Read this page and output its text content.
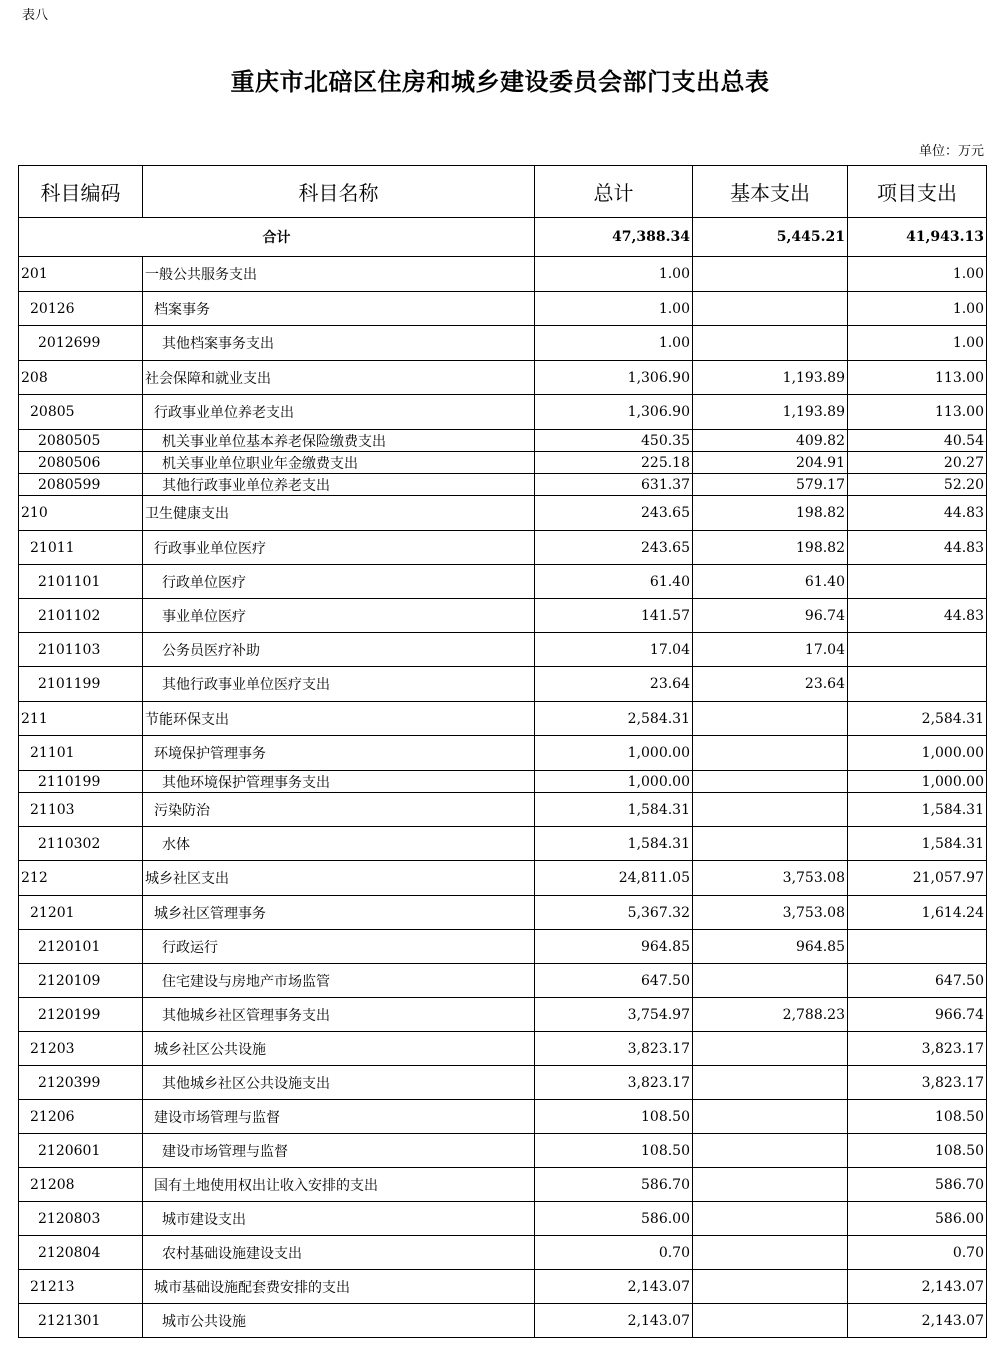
表八
重庆市北碚区住房和城乡建设委员会部门支出总表
单位：万元
科目编码	科目名称	总计	基本支出	项目支出
合计		47,388.34	5,445.21	41,943.13
201	一般公共服务支出	1.00		1.00
20126	档案事务	1.00		1.00
2012699	其他档案事务支出	1.00		1.00
208	社会保障和就业支出	1,306.90	1,193.89	113.00
20805	行政事业单位养老支出	1,306.90	1,193.89	113.00
2080505	机关事业单位基本养老保险缴费支出	450.35	409.82	40.54
2080506	机关事业单位职业年金缴费支出	225.18	204.91	20.27
2080599	其他行政事业单位养老支出	631.37	579.17	52.20
210	卫生健康支出	243.65	198.82	44.83
21011	行政事业单位医疗	243.65	198.82	44.83
2101101	行政单位医疗	61.40	61.40	
2101102	事业单位医疗	141.57	96.74	44.83
2101103	公务员医疗补助	17.04	17.04	
2101199	其他行政事业单位医疗支出	23.64	23.64	
211	节能环保支出	2,584.31		2,584.31
21101	环境保护管理事务	1,000.00		1,000.00
2110199	其他环境保护管理事务支出	1,000.00		1,000.00
21103	污染防治	1,584.31		1,584.31
2110302	水体	1,584.31		1,584.31
212	城乡社区支出	24,811.05	3,753.08	21,057.97
21201	城乡社区管理事务	5,367.32	3,753.08	1,614.24
2120101	行政运行	964.85	964.85	
2120109	住宅建设与房地产市场监管	647.50		647.50
2120199	其他城乡社区管理事务支出	3,754.97	2,788.23	966.74
21203	城乡社区公共设施	3,823.17		3,823.17
2120399	其他城乡社区公共设施支出	3,823.17		3,823.17
21206	建设市场管理与监督	108.50		108.50
2120601	建设市场管理与监督	108.50		108.50
21208	国有土地使用权出让收入安排的支出	586.70		586.70
2120803	城市建设支出	586.00		586.00
2120804	农村基础设施建设支出	0.70		0.70
21213	城市基础设施配套费安排的支出	2,143.07		2,143.07
2121301	城市公共设施	2,143.07		2,143.07
